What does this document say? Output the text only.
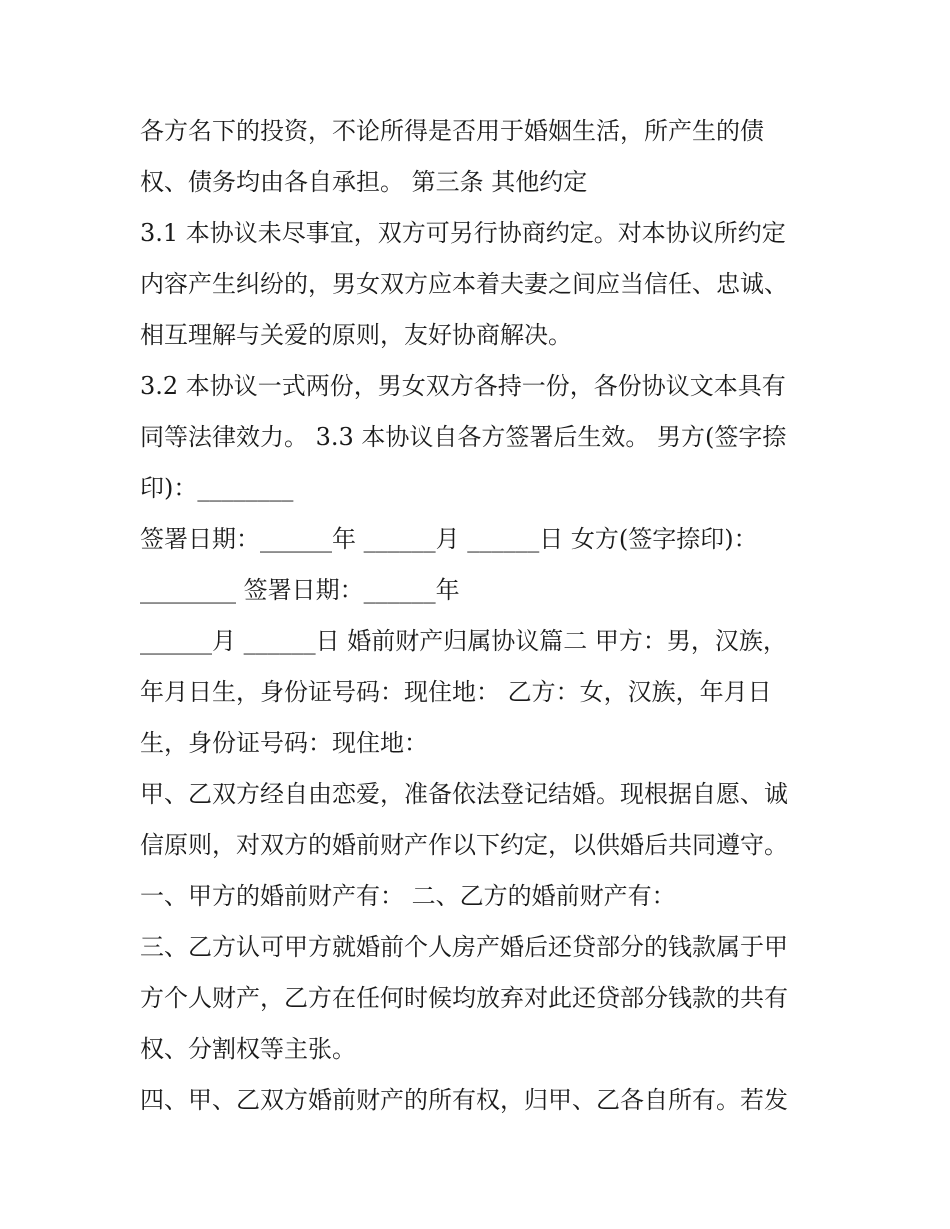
各方名下的投资，不论所得是否用于婚姻生活，所产生的债
权、债务均由各自承担。 第三条 其他约定
3.1 本协议未尽事宜，双方可另行协商约定。对本协议所约定
内容产生纠纷的，男女双方应本着夫妻之间应当信任、忠诚、
相互理解与关爱的原则，友好协商解决。
3.2 本协议一式两份，男女双方各持一份，各份协议文本具有
同等法律效力。 3.3 本协议自各方签署后生效。 男方(签字捺
印)：________
签署日期：______年 ______月 ______日 女方(签字捺印)：
________ 签署日期：______年
______月 ______日 婚前财产归属协议篇二 甲方：男，汉族，
年月日生，身份证号码：现住地： 乙方：女，汉族，年月日
生，身份证号码：现住地：
甲、乙双方经自由恋爱，准备依法登记结婚。现根据自愿、诚
信原则，对双方的婚前财产作以下约定，以供婚后共同遵守。
一、甲方的婚前财产有： 二、乙方的婚前财产有：
三、乙方认可甲方就婚前个人房产婚后还贷部分的钱款属于甲
方个人财产，乙方在任何时候均放弃对此还贷部分钱款的共有
权、分割权等主张。
四、甲、乙双方婚前财产的所有权，归甲、乙各自所有。若发
